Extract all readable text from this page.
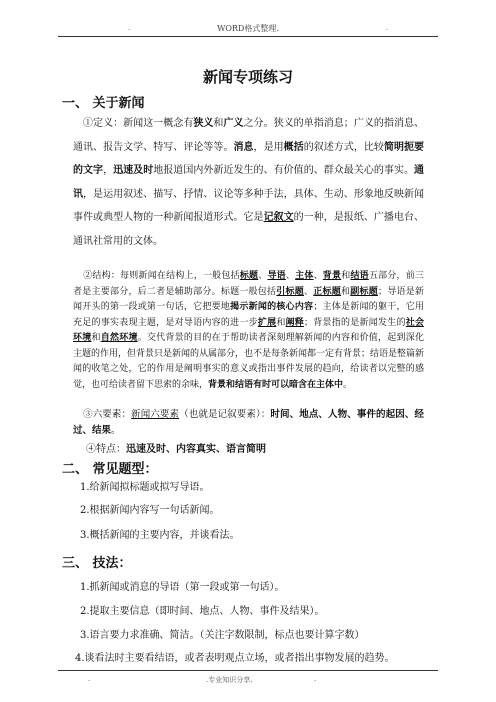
.	WORD格式整理.	.
新闻专项练习
一、 关于新闻
①定义：新闻这一概念有狭义和广义之分。狭义的单指消息；广义的指消息、通讯、报告文学、特写、评论等等。消息，是用概括的叙述方式，比较简明扼要的文字，迅速及时地报道国内外新近发生的、有价值的、群众最关心的事实。通讯，是运用叙述、描写、抒情、议论等多种手法，具体、生动、形象地反映新闻事件或典型人物的一种新闻报道形式。它是记叙文的一种，是报纸、广播电台、通讯社常用的文体。
②结构：每则新闻在结构上，一般包括标题、导语、主体、背景和结语五部分，前三者是主要部分，后二者是辅助部分。标题一般包括引标题、正标题和副标题；导语是新闻开头的第一段或第一句话，它把要地揭示新闻的核心内容；主体是新闻的躯干，它用充足的事实表现主题，是对导语内容的进一步扩展和阐释；背景指的是新闻发生的社会环境和自然环境。交代背景的目的在于帮助读者深刻理解新闻的内容和价值，起到深化主题的作用，但背景只是新闻的从属部分，也不是每条新闻都一定有背景；结语是整篇新闻的收笔之处，它的作用是阐明事实的意义或指出事件发展的趋向，给读者以完整的感觉，也可给读者留下思索的余味，背景和结语有时可以暗含在主体中。
③六要素：新闻六要素（也就是记叙要素）：时间、地点、人物、事件的起因、经过、结果。
④特点：迅速及时、内容真实、语言简明
二、 常见题型：
1.给新闻拟标题或拟写导语。
2.根据新闻内容写一句话新闻。
3.概括新闻的主要内容，并谈看法。
三、 技法：
1.抓新闻或消息的导语（第一段或第一句话）。
2.提取主要信息（即时间、地点、人物、事件及结果）。
3.语言要力求准确、简洁。（关注字数限制，标点也要计算字数）
4.谈看法时主要看结语，或者表明观点立场，或者指出事物发展的趋势。
.	.专业知识分享.	.
